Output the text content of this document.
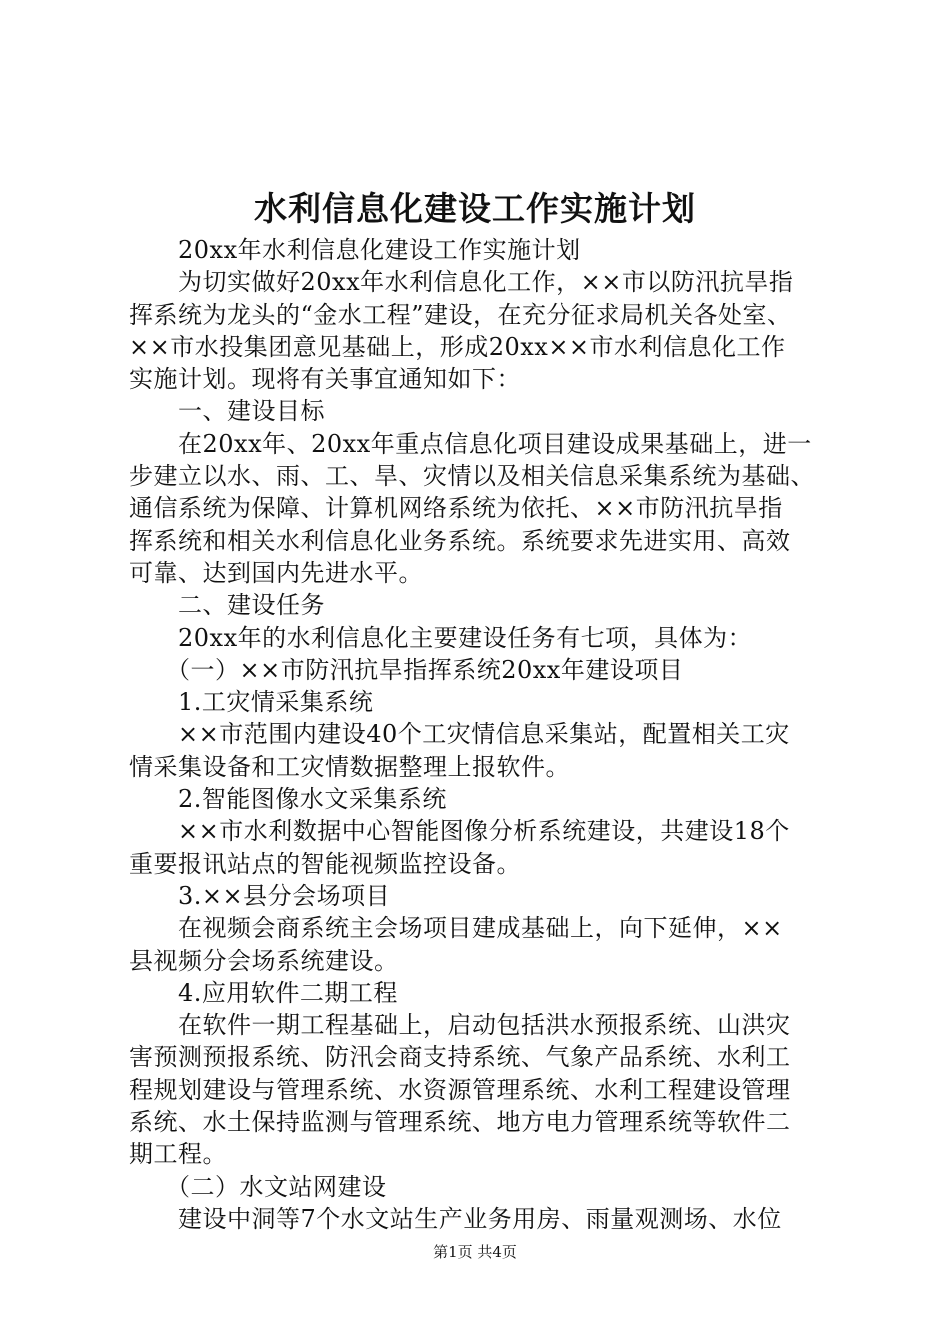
水利信息化建设工作实施计划
　　20xx年水利信息化建设工作实施计划
　　为切实做好20xx年水利信息化工作，××市以防汛抗旱指
挥系统为龙头的“金水工程”建设，在充分征求局机关各处室、
××市水投集团意见基础上，形成20xx××市水利信息化工作
实施计划。现将有关事宜通知如下：
　　一、建设目标
　　在20xx年、20xx年重点信息化项目建设成果基础上，进一
步建立以水、雨、工、旱、灾情以及相关信息采集系统为基础、
通信系统为保障、计算机网络系统为依托、××市防汛抗旱指
挥系统和相关水利信息化业务系统。系统要求先进实用、高效
可靠、达到国内先进水平。
　　二、建设任务
　　20xx年的水利信息化主要建设任务有七项，具体为：
　　（一）××市防汛抗旱指挥系统20xx年建设项目
　　1.工灾情采集系统
　　××市范围内建设40个工灾情信息采集站，配置相关工灾
情采集设备和工灾情数据整理上报软件。
　　2.智能图像水文采集系统
　　××市水利数据中心智能图像分析系统建设，共建设18个
重要报讯站点的智能视频监控设备。
　　3.××县分会场项目
　　在视频会商系统主会场项目建成基础上，向下延伸，××
县视频分会场系统建设。
　　4.应用软件二期工程
　　在软件一期工程基础上，启动包括洪水预报系统、山洪灾
害预测预报系统、防汛会商支持系统、气象产品系统、水利工
程规划建设与管理系统、水资源管理系统、水利工程建设管理
系统、水土保持监测与管理系统、地方电力管理系统等软件二
期工程。
　　（二）水文站网建设
　　建设中洞等7个水文站生产业务用房、雨量观测场、水位
第1页 共4页
